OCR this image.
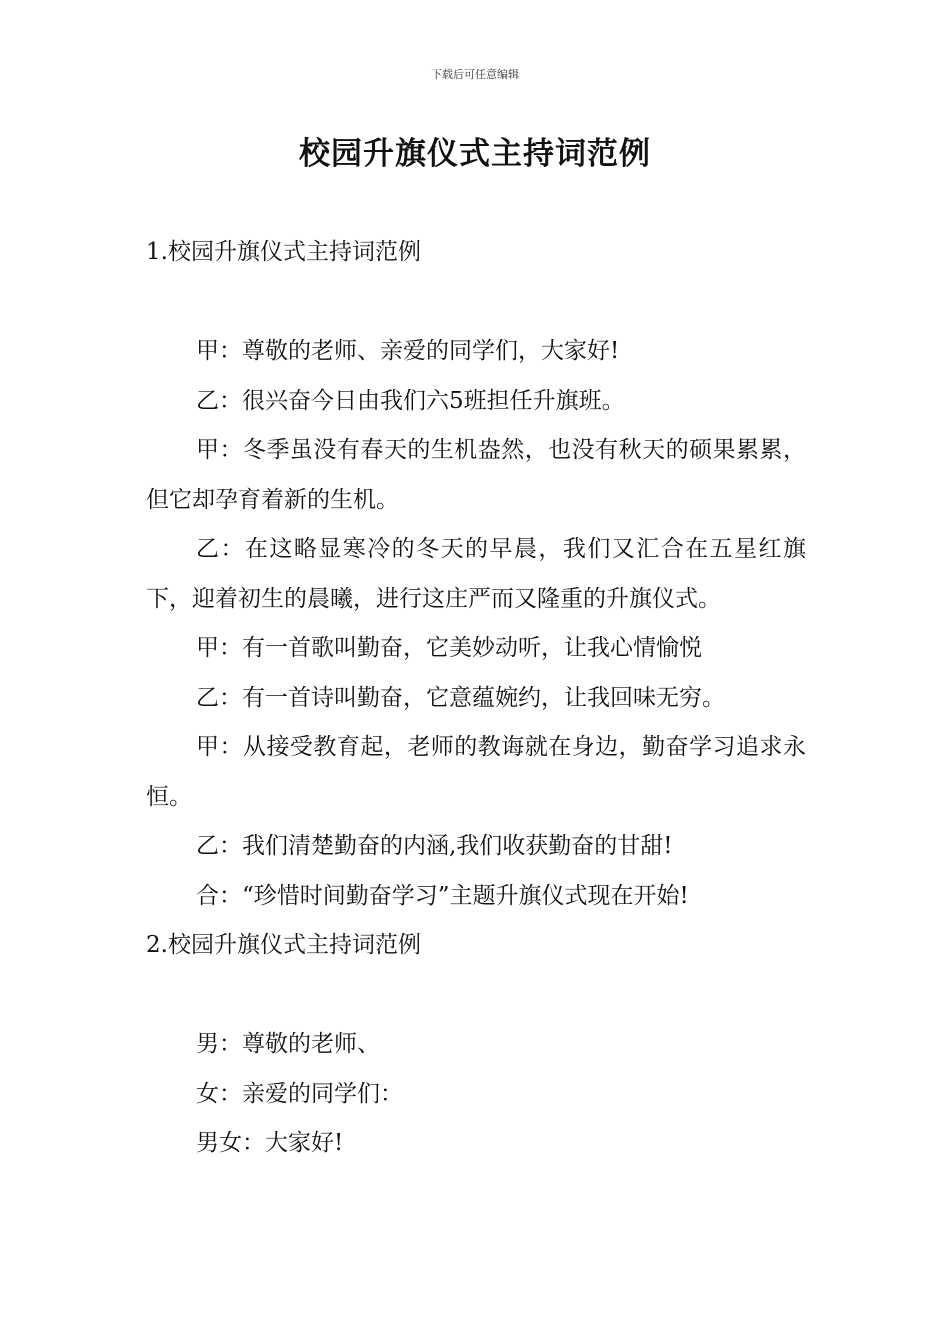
下载后可任意编辑
校园升旗仪式主持词范例

1.校园升旗仪式主持词范例

甲：尊敬的老师、亲爱的同学们，大家好!

乙：很兴奋今日由我们六5班担任升旗班。

甲：冬季虽没有春天的生机盎然，也没有秋天的硕果累累，但它却孕育着新的生机。

乙：在这略显寒冷的冬天的早晨，我们又汇合在五星红旗下，迎着初生的晨曦，进行这庄严而又隆重的升旗仪式。

甲：有一首歌叫勤奋，它美妙动听，让我心情愉悦

乙：有一首诗叫勤奋，它意蕴婉约，让我回味无穷。

甲：从接受教育起，老师的教诲就在身边，勤奋学习追求永恒。

乙：我们清楚勤奋的内涵,我们收获勤奋的甘甜!

合：“珍惜时间勤奋学习”主题升旗仪式现在开始!

2.校园升旗仪式主持词范例

男：尊敬的老师、

女：亲爱的同学们：

男女：大家好!
